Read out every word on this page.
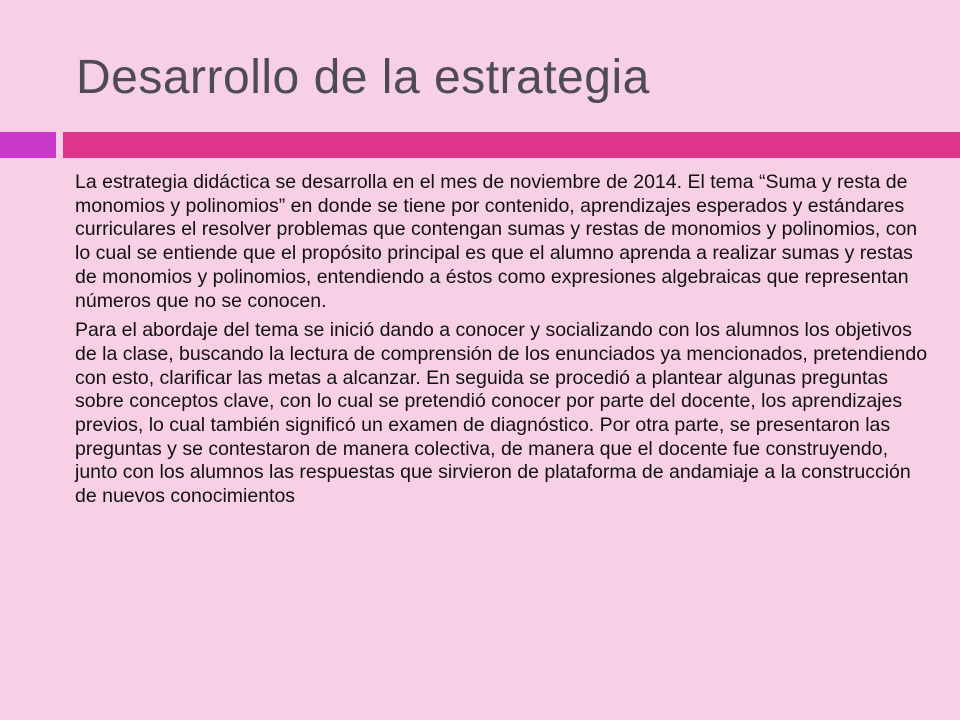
Desarrollo de la estrategia

La estrategia didáctica se desarrolla en el mes de noviembre de 2014. El tema “Suma y resta de monomios y polinomios” en donde se tiene por contenido, aprendizajes esperados y estándares curriculares el resolver problemas que contengan sumas y restas de monomios y polinomios, con lo cual se entiende que el propósito principal es que el alumno aprenda a realizar sumas y restas de monomios y polinomios, entendiendo a éstos como expresiones algebraicas que representan números que no se conocen.

Para el abordaje del tema se inició dando a conocer y socializando con los alumnos los objetivos de la clase, buscando la lectura de comprensión de los enunciados ya mencionados, pretendiendo con esto, clarificar las metas a alcanzar. En seguida se procedió a plantear algunas preguntas sobre conceptos clave, con lo cual se pretendió conocer por parte del docente, los aprendizajes previos, lo cual también significó un examen de diagnóstico. Por otra parte, se presentaron las preguntas y se contestaron de manera colectiva, de manera que el docente fue construyendo, junto con los alumnos las respuestas que sirvieron de plataforma de andamiaje a la construcción de nuevos conocimientos
